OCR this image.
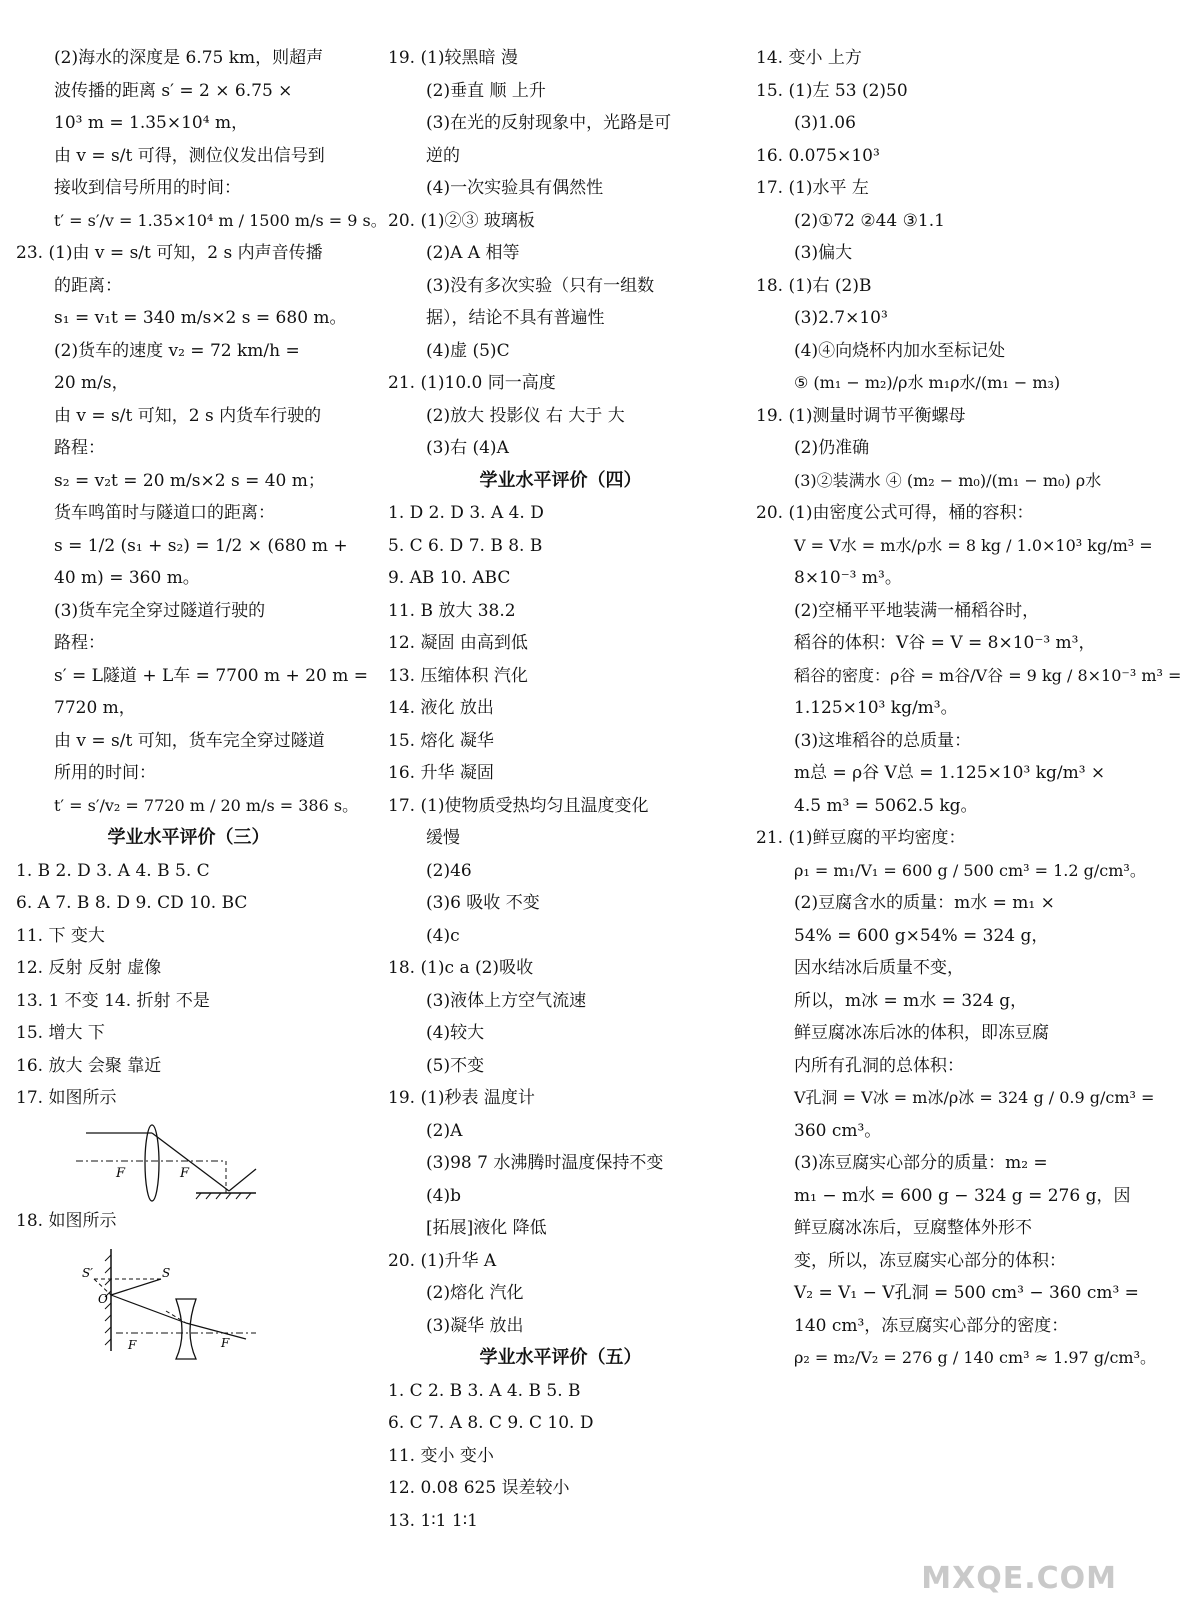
(2)海水的深度是 6.75 km，则超声
波传播的距离 s′ = 2 × 6.75 ×
10³ m = 1.35×10⁴ m，
由 v = s/t 可得，测位仪发出信号到
接收到信号所用的时间：
t′ = s′/v = 1.35×10⁴ m / 1500 m/s = 9 s。
23. (1)由 v = s/t 可知，2 s 内声音传播
的距离：
s₁ = v₁t = 340 m/s×2 s = 680 m。
(2)货车的速度 v₂ = 72 km/h =
20 m/s，
由 v = s/t 可知，2 s 内货车行驶的
路程：
s₂ = v₂t = 20 m/s×2 s = 40 m；
货车鸣笛时与隧道口的距离：
s = 1/2 (s₁ + s₂) = 1/2 × (680 m +
40 m) = 360 m。
(3)货车完全穿过隧道行驶的
路程：
s′ = L隧道 + L车 = 7700 m + 20 m =
7720 m，
由 v = s/t 可知，货车完全穿过隧道
所用的时间：
t′ = s′/v₂ = 7720 m / 20 m/s = 386 s。
学业水平评价（三）
1. B 2. D 3. A 4. B 5. C
6. A 7. B 8. D 9. CD 10. BC
11. 下 变大
12. 反射 反射 虚像
13. 1 不变 14. 折射 不是
15. 增大 下
16. 放大 会聚 靠近
17. 如图所示
F	F
18. 如图所示
S′	S
O
F	F
19. (1)较黑暗 漫
(2)垂直 顺 上升
(3)在光的反射现象中，光路是可
逆的
(4)一次实验具有偶然性
20. (1)②③ 玻璃板
(2)A A 相等
(3)没有多次实验（只有一组数
据），结论不具有普遍性
(4)虚 (5)C
21. (1)10.0 同一高度
(2)放大 投影仪 右 大于 大
(3)右 (4)A
学业水平评价（四）
1. D 2. D 3. A 4. D
5. C 6. D 7. B 8. B
9. AB 10. ABC
11. B 放大 38.2
12. 凝固 由高到低
13. 压缩体积 汽化
14. 液化 放出
15. 熔化 凝华
16. 升华 凝固
17. (1)使物质受热均匀且温度变化
缓慢
(2)46
(3)6 吸收 不变
(4)c
18. (1)c a (2)吸收
(3)液体上方空气流速
(4)较大
(5)不变
19. (1)秒表 温度计
(2)A
(3)98 7 水沸腾时温度保持不变
(4)b
[拓展]液化 降低
20. (1)升华 A
(2)熔化 汽化
(3)凝华 放出
学业水平评价（五）
1. C 2. B 3. A 4. B 5. B
6. C 7. A 8. C 9. C 10. D
11. 变小 变小
12. 0.08 625 误差较小
13. 1∶1 1∶1
14. 变小 上方
15. (1)左 53 (2)50
(3)1.06
16. 0.075×10³
17. (1)水平 左
(2)①72 ②44 ③1.1
(3)偏大
18. (1)右 (2)B
(3)2.7×10³
(4)④向烧杯内加水至标记处
⑤ (m₁ − m₂)/ρ水 m₁ρ水/(m₁ − m₃)
19. (1)测量时调节平衡螺母
(2)仍准确
(3)②装满水 ④ (m₂ − m₀)/(m₁ − m₀) ρ水
20. (1)由密度公式可得，桶的容积：
V = V水 = m水/ρ水 = 8 kg / 1.0×10³ kg/m³ =
8×10⁻³ m³。
(2)空桶平平地装满一桶稻谷时，
稻谷的体积：V谷 = V = 8×10⁻³ m³，
稻谷的密度：ρ谷 = m谷/V谷 = 9 kg / 8×10⁻³ m³ =
1.125×10³ kg/m³。
(3)这堆稻谷的总质量：
m总 = ρ谷 V总 = 1.125×10³ kg/m³ ×
4.5 m³ = 5062.5 kg。
21. (1)鲜豆腐的平均密度：
ρ₁ = m₁/V₁ = 600 g / 500 cm³ = 1.2 g/cm³。
(2)豆腐含水的质量：m水 = m₁ ×
54% = 600 g×54% = 324 g，
因水结冰后质量不变，
所以，m冰 = m水 = 324 g，
鲜豆腐冰冻后冰的体积，即冻豆腐
内所有孔洞的总体积：
V孔洞 = V冰 = m冰/ρ冰 = 324 g / 0.9 g/cm³ =
360 cm³。
(3)冻豆腐实心部分的质量：m₂ =
m₁ − m水 = 600 g − 324 g = 276 g，因
鲜豆腐冰冻后，豆腐整体外形不
变，所以，冻豆腐实心部分的体积：
V₂ = V₁ − V孔洞 = 500 cm³ − 360 cm³ =
140 cm³，冻豆腐实心部分的密度：
ρ₂ = m₂/V₂ = 276 g / 140 cm³ ≈ 1.97 g/cm³。
MXQE.COM
